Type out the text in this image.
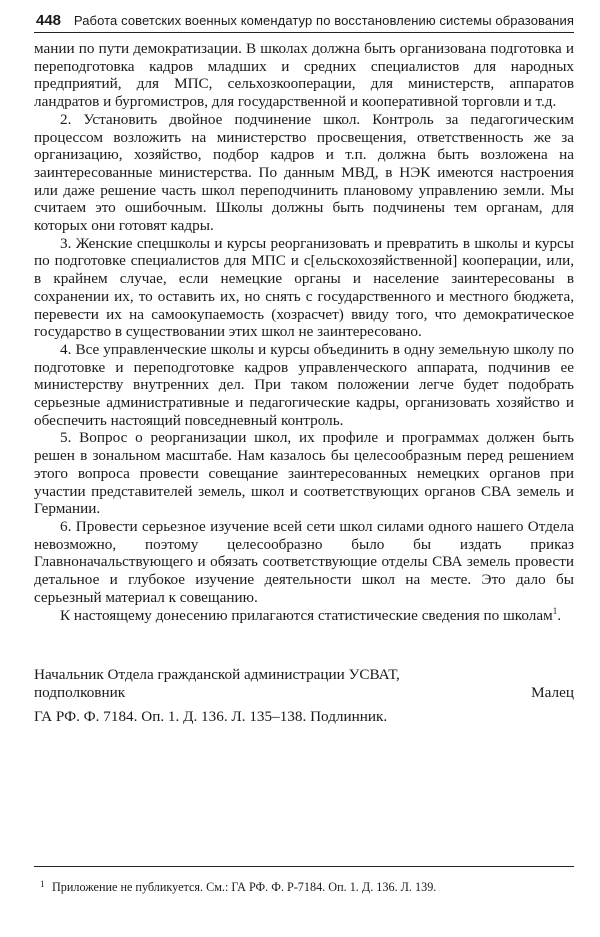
448 Работа советских военных комендатур по восстановлению системы образования

мании по пути демократизации. В школах должна быть организована подготовка и переподготовка кадров младших и средних специалистов для народных предприятий, для МПС, сельхозкооперации, для министерств, аппаратов ландратов и бургомистров, для государственной и кооперативной торговли и т.д.

2. Установить двойное подчинение школ. Контроль за педагогическим процессом возложить на министерство просвещения, ответственность же за организацию, хозяйство, подбор кадров и т.п. должна быть возложена на заинтересованные министерства. По данным МВД, в НЭК имеются настроения или даже решение часть школ переподчинить плановому управлению земли. Мы считаем это ошибочным. Школы должны быть подчинены тем органам, для которых они готовят кадры.

3. Женские спецшколы и курсы реорганизовать и превратить в школы и курсы по подготовке специалистов для МПС и с[ельскохозяйственной] кооперации, или, в крайнем случае, если немецкие органы и население заинтересованы в сохранении их, то оставить их, но снять с государственного и местного бюджета, перевести их на самоокупаемость (хозрасчет) ввиду того, что демократическое государство в существовании этих школ не заинтересовано.

4. Все управленческие школы и курсы объединить в одну земельную школу по подготовке и переподготовке кадров управленческого аппарата, подчинив ее министерству внутренних дел. При таком положении легче будет подобрать серьезные административные и педагогические кадры, организовать хозяйство и обеспечить настоящий повседневный контроль.

5. Вопрос о реорганизации школ, их профиле и программах должен быть решен в зональном масштабе. Нам казалось бы целесообразным перед решением этого вопроса провести совещание заинтересованных немецких органов при участии представителей земель, школ и соответствующих органов СВА земель и Германии.

6. Провести серьезное изучение всей сети школ силами одного нашего Отдела невозможно, поэтому целесообразно было бы издать приказ Главноначальствующего и обязать соответствующие отделы СВА земель провести детальное и глубокое изучение деятельности школ на месте. Это дало бы серьезный материал к совещанию.

К настоящему донесению прилагаются статистические сведения по школам$^1$.

Начальник Отдела гражданской администрации УСВАТ,
подполковник	Малец
ГА РФ. Ф. 7184. Оп. 1. Д. 136. Л. 135–138. Подлинник.
1 Приложение не публикуется. См.: ГА РФ. Ф. Р-7184. Оп. 1. Д. 136. Л. 139.
